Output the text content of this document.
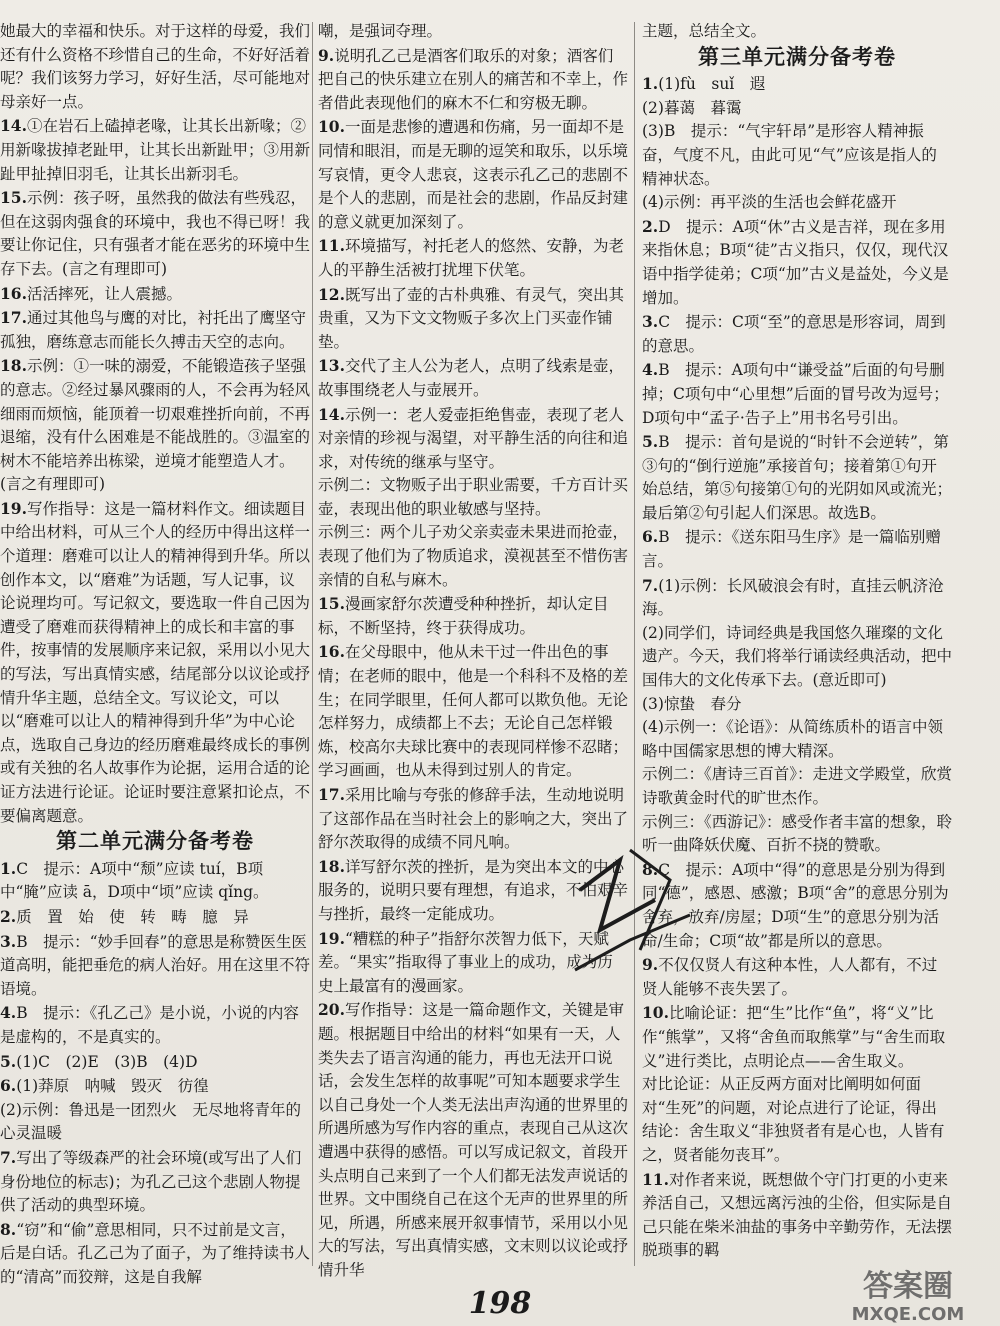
她最大的幸福和快乐。对于这样的母爱，我们还有什么资格不珍惜自己的生命，不好好活着呢？我们该努力学习，好好生活，尽可能地对母亲好一点。
14.①在岩石上磕掉老喙，让其长出新喙；②用新喙拔掉老趾甲，让其长出新趾甲；③用新趾甲扯掉旧羽毛，让其长出新羽毛。
15.示例：孩子呀，虽然我的做法有些残忍，但在这弱肉强食的环境中，我也不得已呀！我要让你记住，只有强者才能在恶劣的环境中生存下去。(言之有理即可)
16.活活摔死，让人震撼。
17.通过其他鸟与鹰的对比，衬托出了鹰坚守孤独，磨练意志而能长久搏击天空的志向。
18.示例：①一味的溺爱，不能锻造孩子坚强的意志。②经过暴风骤雨的人，不会再为轻风细雨而烦恼，能顶着一切艰难挫折向前，不再退缩，没有什么困难是不能战胜的。③温室的树木不能培养出栋梁，逆境才能塑造人才。(言之有理即可)
19.写作指导：这是一篇材料作文。细读题目中给出材料，可从三个人的经历中得出这样一个道理：磨难可以让人的精神得到升华。所以创作本文，以“磨难”为话题，写人记事，议论说理均可。写记叙文，要选取一件自己因为遭受了磨难而获得精神上的成长和丰富的事件，按事情的发展顺序来记叙，采用以小见大的写法，写出真情实感，结尾部分以议论或抒情升华主题，总结全文。写议论文，可以以“磨难可以让人的精神得到升华”为中心论点，选取自己身边的经历磨难最终成长的事例或有关独的名人故事作为论据，运用合适的论证方法进行论证。论证时要注意紧扣论点，不要偏离题意。
第二单元满分备考卷
1.C　提示：A项中“颓”应读 tuí，B项中“腌”应读 ā，D项中“顷”应读 qǐng。
2.质　置　始　使　转　畴　臆　异
3.B　提示：“妙手回春”的意思是称赞医生医道高明，能把垂危的病人治好。用在这里不符语境。
4.B　提示：《孔乙己》是小说，小说的内容是虚构的，不是真实的。
5.(1)C　(2)E　(3)B　(4)D
6.(1)莽原　呐喊　毁灭　彷徨
(2)示例：鲁迅是一团烈火　无尽地将青年的心灵温暖
7.写出了等级森严的社会环境(或写出了人们身份地位的标志)；为孔乙己这个悲剧人物提供了活动的典型环境。
8.“窃”和“偷”意思相同，只不过前是文言，后是白话。孔乙己为了面子，为了维持读书人的“清高”而狡辩，这是自我解
嘲，是强词夺理。
9.说明孔乙己是酒客们取乐的对象；酒客们把自己的快乐建立在别人的痛苦和不幸上，作者借此表现他们的麻木不仁和穷极无聊。
10.一面是悲惨的遭遇和伤痛，另一面却不是同情和眼泪，而是无聊的逗笑和取乐，以乐境写哀情，更令人悲哀，这表示孔乙己的悲剧不是个人的悲剧，而是社会的悲剧，作品反封建的意义就更加深刻了。
11.环境描写，衬托老人的悠然、安静，为老人的平静生活被打扰埋下伏笔。
12.既写出了壶的古朴典雅、有灵气，突出其贵重，又为下文文物贩子多次上门买壶作铺垫。
13.交代了主人公为老人，点明了线索是壶，故事围绕老人与壶展开。
14.示例一：老人爱壶拒绝售壶，表现了老人对亲情的珍视与渴望，对平静生活的向往和追求，对传统的继承与坚守。
示例二：文物贩子出于职业需要，千方百计买壶，表现出他的职业敏感与坚持。
示例三：两个儿子劝父亲卖壶未果进而抢壶，表现了他们为了物质追求，漠视甚至不惜伤害亲情的自私与麻木。
15.漫画家舒尔茨遭受种种挫折，却认定目标，不断坚持，终于获得成功。
16.在父母眼中，他从未干过一件出色的事情；在老师的眼中，他是一个科科不及格的差生；在同学眼里，任何人都可以欺负他。无论怎样努力，成绩都上不去；无论自己怎样锻炼，校高尔夫球比赛中的表现同样惨不忍睹；学习画画，也从未得到过别人的肯定。
17.采用比喻与夸张的修辞手法，生动地说明了这部作品在当时社会上的影响之大，突出了舒尔茨取得的成绩不同凡响。
18.详写舒尔茨的挫折，是为突出本文的中心服务的，说明只要有理想，有追求，不怕艰辛与挫折，最终一定能成功。
19.“糟糕的种子”指舒尔茨智力低下，天赋差。“果实”指取得了事业上的成功，成为历史上最富有的漫画家。
20.写作指导：这是一篇命题作文，关键是审题。根据题目中给出的材料“如果有一天，人类失去了语言沟通的能力，再也无法开口说话，会发生怎样的故事呢”可知本题要求学生以自己身处一个人类无法出声沟通的世界里的所遇所感为写作内容的重点，表现自己从这次遭遇中获得的感悟。可以写成记叙文，首段开头点明自己来到了一个人们都无法发声说话的世界。文中围绕自己在这个无声的世界里的所见，所遇，所感来展开叙事情节，采用以小见大的写法，写出真情实感，文末则以议论或抒情升华
主题，总结全文。
第三单元满分备考卷
1.(1)fù　suǐ　遐
(2)暮蔼　暮霭
(3)B　提示：“气宇轩昂”是形容人精神振奋，气度不凡，由此可见“气”应该是指人的精神状态。
(4)示例：再平淡的生活也会鲜花盛开
2.D　提示：A项“休”古义是吉祥，现在多用来指休息；B项“徒”古义指只，仅仅，现代汉语中指学徒弟；C项“加”古义是益处，今义是增加。
3.C　提示：C项“至”的意思是形容词，周到的意思。
4.B　提示：A项句中“谦受益”后面的句号删掉；C项句中“心里想”后面的冒号改为逗号；D项句中“孟子·告子上”用书名号引出。
5.B　提示：首句是说的“时针不会逆转”，第③句的“倒行逆施”承接首句；接着第①句开始总结，第⑤句接第①句的光阴如风或流光；最后第②句引起人们深思。故选B。
6.B　提示：《送东阳马生序》是一篇临别赠言。
7.(1)示例：长风破浪会有时，直挂云帆济沧海。
(2)同学们，诗词经典是我国悠久璀璨的文化遗产。今天，我们将举行诵读经典活动，把中国伟大的文化传承下去。(意近即可)
(3)惊蛰　春分
(4)示例一：《论语》：从简练质朴的语言中领略中国儒家思想的博大精深。
示例二：《唐诗三百首》：走进文学殿堂，欣赏诗歌黄金时代的旷世杰作。
示例三：《西游记》：感受作者丰富的想象，聆听一曲降妖伏魔、百折不挠的赞歌。
8.C　提示：A项中“得”的意思是分别为得到同“德”，感恩、感激；B项“舍”的意思分别为舍弃，放弃/房屋；D项“生”的意思分别为活命/生命；C项“故”都是所以的意思。
9.不仅仅贤人有这种本性，人人都有，不过贤人能够不丧失罢了。
10.比喻论证：把“生”比作“鱼”，将“义”比作“熊掌”，又将“舍鱼而取熊掌”与“舍生而取义”进行类比，点明论点——舍生取义。
对比论证：从正反两方面对比阐明如何面对“生死”的问题，对论点进行了论证，得出结论：舍生取义“非独贤者有是心也，人皆有之，贤者能勿丧耳”。
11.对作者来说，既想做个守门打更的小吏来养活自己，又想远离污浊的尘俗，但实际是自己只能在柴米油盐的事务中辛勤劳作，无法摆脱琐事的羁
198	答案圈
MXQE.COM
